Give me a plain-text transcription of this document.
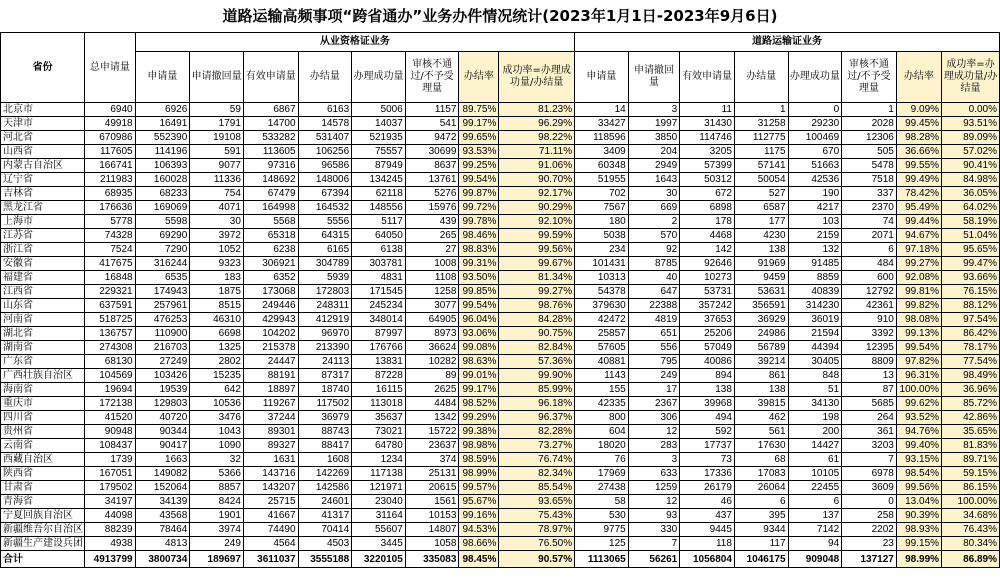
道路运输高频事项“跨省通办”业务办件情况统计(2023年1月1日-2023年9月6日)
省份	总申请量	从业资格证业务								道路运输证业务							
		申请量	申请撤回量	有效申请量	办结量	办理成功量	审核不通过/不予受理量	办结率	成功率=办理成功量/办结量	申请量	申请撤回量	有效申请量	办结量	办理成功量	审核不通过/不予受理量	办结率	成功率=办理成功量/办结量
北京市	6940	6926	59	6867	6163	5006	1157	89.75%	81.23%	14	3	11	1	0	1	9.09%	0.00%
天津市	49918	16491	1791	14700	14578	14037	541	99.17%	96.29%	33427	1997	31430	31258	29230	2028	99.45%	93.51%
河北省	670986	552390	19108	533282	531407	521935	9472	99.65%	98.22%	118596	3850	114746	112775	100469	12306	98.28%	89.09%
山西省	117605	114196	591	113605	106256	75557	30699	93.53%	71.11%	3409	204	3205	1175	670	505	36.66%	57.02%
内蒙古自治区	166741	106393	9077	97316	96586	87949	8637	99.25%	91.06%	60348	2949	57399	57141	51663	5478	99.55%	90.41%
辽宁省	211983	160028	11336	148692	148006	134245	13761	99.54%	90.70%	51955	1643	50312	50054	42536	7518	99.49%	84.98%
吉林省	68935	68233	754	67479	67394	62118	5276	99.87%	92.17%	702	30	672	527	190	337	78.42%	36.05%
黑龙江省	176636	169069	4071	164998	164532	148556	15976	99.72%	90.29%	7567	669	6898	6587	4217	2370	95.49%	64.02%
上海市	5778	5598	30	5568	5556	5117	439	99.78%	92.10%	180	2	178	177	103	74	99.44%	58.19%
江苏省	74328	69290	3972	65318	64315	64050	265	98.46%	99.59%	5038	570	4468	4230	2159	2071	94.67%	51.04%
浙江省	7524	7290	1052	6238	6165	6138	27	98.83%	99.56%	234	92	142	138	132	6	97.18%	95.65%
安徽省	417675	316244	9323	306921	304789	303781	1008	99.31%	99.67%	101431	8785	92646	91969	91485	484	99.27%	99.47%
福建省	16848	6535	183	6352	5939	4831	1108	93.50%	81.34%	10313	40	10273	9459	8859	600	92.08%	93.66%
江西省	229321	174943	1875	173068	172803	171545	1258	99.85%	99.27%	54378	647	53731	53631	40839	12792	99.81%	76.15%
山东省	637591	257961	8515	249446	248311	245234	3077	99.54%	98.76%	379630	22388	357242	356591	314230	42361	99.82%	88.12%
河南省	518725	476253	46310	429943	412919	348014	64905	96.04%	84.28%	42472	4819	37653	36929	36019	910	98.08%	97.54%
湖北省	136757	110900	6698	104202	96970	87997	8973	93.06%	90.75%	25857	651	25206	24986	21594	3392	99.13%	86.42%
湖南省	274308	216703	1325	215378	213390	176766	36624	99.08%	82.84%	57605	556	57049	56789	44394	12395	99.54%	78.17%
广东省	68130	27249	2802	24447	24113	13831	10282	98.63%	57.36%	40881	795	40086	39214	30405	8809	97.82%	77.54%
广西壮族自治区	104569	103426	15235	88191	87317	87228	89	99.01%	99.90%	1143	249	894	861	848	13	96.31%	98.49%
海南省	19694	19539	642	18897	18740	16115	2625	99.17%	85.99%	155	17	138	138	51	87	100.00%	36.96%
重庆市	172138	129803	10536	119267	117502	113018	4484	98.52%	96.18%	42335	2367	39968	39815	34130	5685	99.62%	85.72%
四川省	41520	40720	3476	37244	36979	35637	1342	99.29%	96.37%	800	306	494	462	198	264	93.52%	42.86%
贵州省	90948	90344	1043	89301	88743	73021	15722	99.38%	82.28%	604	12	592	561	200	361	94.76%	35.65%
云南省	108437	90417	1090	89327	88417	64780	23637	98.98%	73.27%	18020	283	17737	17630	14427	3203	99.40%	81.83%
西藏自治区	1739	1663	32	1631	1608	1234	374	98.59%	76.74%	76	3	73	68	61	7	93.15%	89.71%
陕西省	167051	149082	5366	143716	142269	117138	25131	98.99%	82.34%	17969	633	17336	17083	10105	6978	98.54%	59.15%
甘肃省	179502	152064	8857	143207	142586	121971	20615	99.57%	85.54%	27438	1259	26179	26064	22455	3609	99.56%	86.15%
青海省	34197	34139	8424	25715	24601	23040	1561	95.67%	93.65%	58	12	46	6	6	0	13.04%	100.00%
宁夏回族自治区	44098	43568	1901	41667	41317	31164	10153	99.16%	75.43%	530	93	437	395	137	258	90.39%	34.68%
新疆维吾尔自治区	88239	78464	3974	74490	70414	55607	14807	94.53%	78.97%	9775	330	9445	9344	7142	2202	98.93%	76.43%
新疆生产建设兵团	4938	4813	249	4564	4503	3445	1058	98.66%	76.50%	125	7	118	117	94	23	99.15%	80.34%
合计	4913799	3800734	189697	3611037	3555188	3220105	335083	98.45%	90.57%	1113065	56261	1056804	1046175	909048	137127	98.99%	86.89%
